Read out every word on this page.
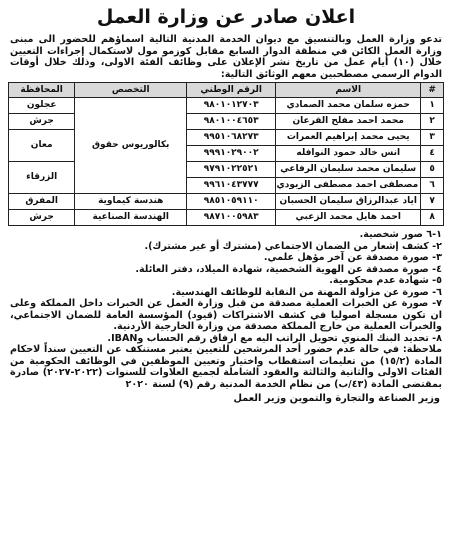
اعلان صادر عن وزارة العمل
تدعو وزارة العمل وبالتنسيق مع ديوان الخدمة المدنية التالية اسماؤهم للحضور الى مبنى وزارة العمل الكائن في منطقة الدوار السابع مقابل كوزمو مول لاستكمال إجراءات التعيين خلال (١٠) أيام عمل من تاريخ نشر الإعلان على وظائف الفئة الاولى، وذلك خلال أوقات الدوام الرسمي مصطحبين معهم الوثائق التالية:
#	الاسم	الرقم الوطني	التخصص	المحافظة
١	حمزه سلمان محمد الصمادي	٩٨٠١٠١٢٧٠٣	بكالوريوس حقوق	عجلون
٢	محمد احمد مفلح القرعان	٩٨٠١٠٠٤٦٥٣		جرش
٣	يحيى محمد إبراهيم العمرات	٩٩٥١٠٦٨٢٧٣		معان
٤	انس خالد حمود النوافله	٩٩٩١٠٢٩٠٠٢		
٥	سليمان محمد سليمان الرفاعي	٩٧٩١٠٢٢٥٢١		الزرقاء
٦	مصطفى احمد مصطفى الزيودي	٩٩٦١٠٤٣٧٧٧		
٧	اياد عبدالرزاق سليمان الحسبان	٩٨٥١٠٥٩١١٠	هندسة كيماوية	المفرق
٨	احمد هايل محمد الزعبي	٩٨٧١٠٠٥٩٨٣	الهندسة الصناعية	جرش

١-٦ صور شخصية.

٢- كشف إشعار من الضمان الاجتماعي (مشترك أو غير مشترك).

٣- صورة مصدقة عن آخر مؤهل علمي.

٤- صورة مصدقة عن الهوية الشخصية، شهادة الميلاد، دفتر العائلة.

٥- شهادة عدم محكومية.

٦- صورة عن مزاولة المهنة من النقابة للوظائف الهندسية.

٧- صورة عن الخبرات العملية مصدقة من قبل وزارة العمل عن الخبرات داخل المملكة وعلى ان تكون مسجلة اصوليا في كشف الاشتراكات (قيود) المؤسسة العامة للضمان الاجتماعي، والخبرات العملية من خارج المملكة مصدقة من وزارة الخارجية الأردنية.

٨- تحديد البنك المنوي تحويل الراتب اليه مع ارفاق رقم الحساب وIBAN.

ملاحظة: في حالة عدم حضور أحد المرشحين للتعيين يعتبر مستنكف عن التعيين سنداً لاحكام المادة (١٥/٢) من تعليمات استقطاب واختيار وتعيين الموظفين في الوظائف الحكومية من الفئات الاولى والثانية والثالثة والعقود الشاملة لجميع العلاوات للسنوات (٢٠٢٢-٢٠٢٧) صادرة بمقتضى المادة (٤٣/ب) من نظام الخدمة المدنية رقم (٩) لسنة ٢٠٢٠

وزير الصناعة والتجارة والتموين وزير العمل
